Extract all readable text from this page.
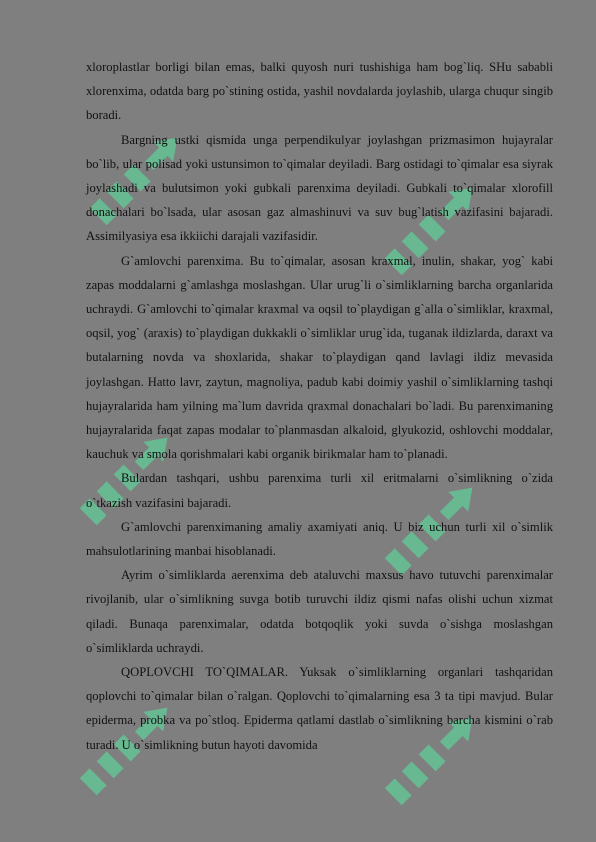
xloroplastlar borligi bilan emas, balki quyosh nuri tushishiga ham bog`liq. SHu sababli xlorenxima, odatda barg po`stining ostida, yashil novdalarda joylashib, ularga chuqur singib boradi.

Bargning ustki qismida unga perpendikulyar joylashgan prizmasimon hujayralar bo`lib, ular polisad yoki ustunsimon to`qimalar deyiladi. Barg ostidagi to`qimalar esa siyrak joylashadi va bulutsimon yoki gubkali parenxima deyiladi. Gubkali to`qimalar xlorofill donachalari bo`lsada, ular asosan gaz almashinuvi va suv bug`latish vazifasini bajaradi. Assimilyasiya esa ikkiichi darajali vazifasidir.

G`amlovchi parenxima. Bu to`qimalar, asosan kraxmal, inulin, shakar, yog` kabi zapas moddalarni g`amlashga moslashgan. Ular urug`li o`simliklarning barcha organlarida uchraydi. G`amlovchi to`qimalar kraxmal va oqsil to`playdigan g`alla o`simliklar, kraxmal, oqsil, yog` (araxis) to`playdigan dukkakli o`simliklar urug`ida, tuganak ildizlarda, daraxt va butalarning novda va shoxlarida, shakar to`playdigan qand lavlagi ildiz mevasida joylashgan. Hatto lavr, zaytun, magnoliya, padub kabi doimiy yashil o`simliklarning tashqi hujayralarida ham yilning ma`lum davrida qraxmal donachalari bo`ladi. Bu parenximaning hujayralarida faqat zapas modalar to`planmasdan alkaloid, glyukozid, oshlovchi moddalar, kauchuk va smola qorishmalari kabi organik birikmalar ham to`planadi.

Bulardan tashqari, ushbu parenxima turli xil eritmalarni o`simlikning o`zida o`tkazish vazifasini bajaradi.

G`amlovchi parenximaning amaliy axamiyati aniq. U biz uchun turli xil o`simlik mahsulotlarining manbai hisoblanadi.

Ayrim o`simliklarda aerenxima deb ataluvchi maxsus havo tutuvchi parenximalar rivojlanib, ular o`simlikning suvga botib turuvchi ildiz qismi nafas olishi uchun xizmat qiladi. Bunaqa parenximalar, odatda botqoqlik yoki suvda o`sishga moslashgan o`simliklarda uchraydi.

QOPLOVCHI TO`QIMALAR. Yuksak o`simliklarning organlari tashqaridan qoplovchi to`qimalar bilan o`ralgan. Qoplovchi to`qimalarning esa 3 ta tipi mavjud. Bular epiderma, probka va po`stloq. Epiderma qatlami dastlab o`simlikning barcha kismini o`rab turadi. U o`simlikning butun hayoti davomida
